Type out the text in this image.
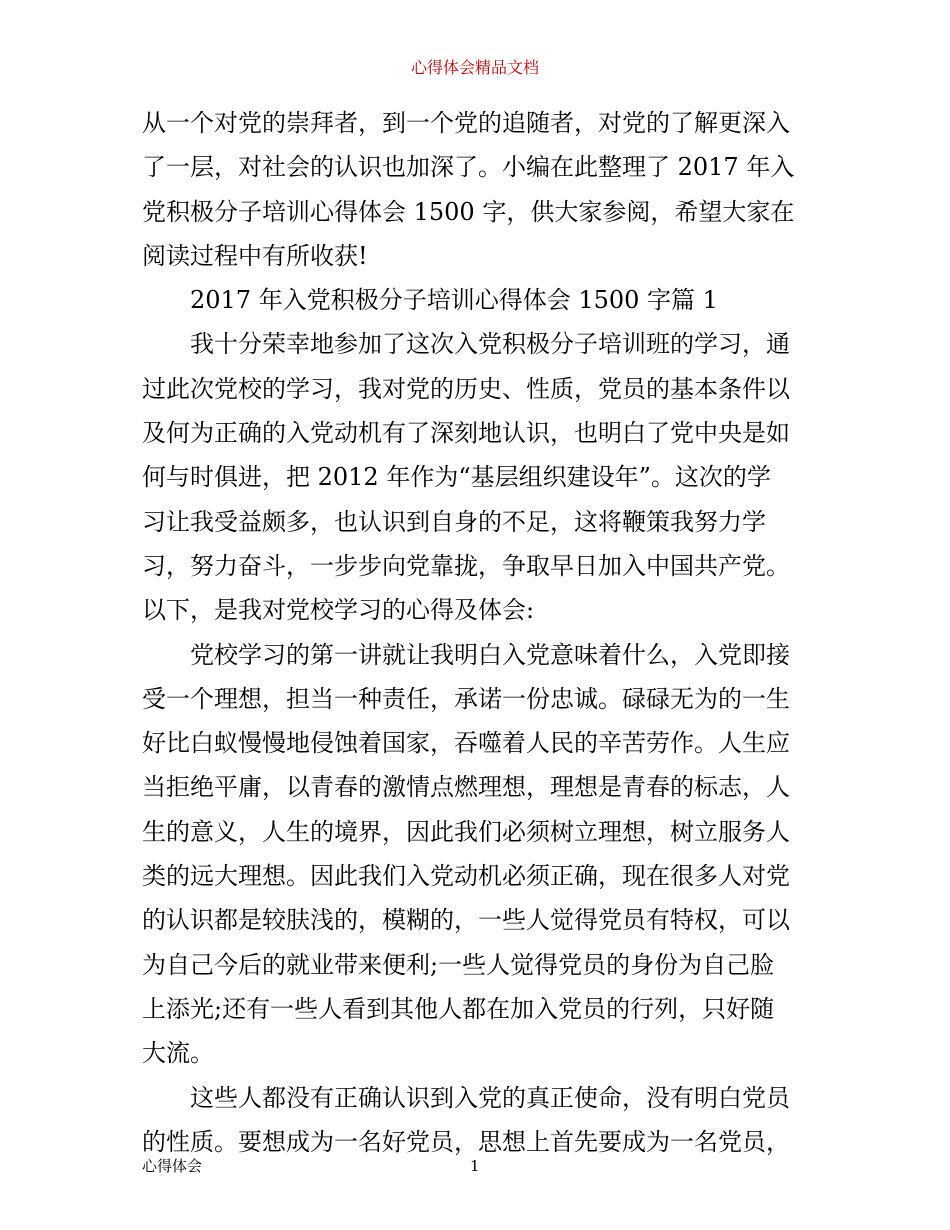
心得体会精品文档
从一个对党的崇拜者，到一个党的追随者，对党的了解更深入
了一层，对社会的认识也加深了。小编在此整理了 2017 年入
党积极分子培训心得体会 1500 字，供大家参阅，希望大家在
阅读过程中有所收获!
2017 年入党积极分子培训心得体会 1500 字篇 1
我十分荣幸地参加了这次入党积极分子培训班的学习，通
过此次党校的学习，我对党的历史、性质，党员的基本条件以
及何为正确的入党动机有了深刻地认识，也明白了党中央是如
何与时俱进，把 2012 年作为“基层组织建设年”。这次的学
习让我受益颇多，也认识到自身的不足，这将鞭策我努力学
习，努力奋斗，一步步向党靠拢，争取早日加入中国共产党。
以下，是我对党校学习的心得及体会:
党校学习的第一讲就让我明白入党意味着什么，入党即接
受一个理想，担当一种责任，承诺一份忠诚。碌碌无为的一生
好比白蚁慢慢地侵蚀着国家，吞噬着人民的辛苦劳作。人生应
当拒绝平庸，以青春的激情点燃理想，理想是青春的标志，人
生的意义，人生的境界，因此我们必须树立理想，树立服务人
类的远大理想。因此我们入党动机必须正确，现在很多人对党
的认识都是较肤浅的，模糊的，一些人觉得党员有特权，可以
为自己今后的就业带来便利;一些人觉得党员的身份为自己脸
上添光;还有一些人看到其他人都在加入党员的行列，只好随
大流。
这些人都没有正确认识到入党的真正使命，没有明白党员
的性质。要想成为一名好党员，思想上首先要成为一名党员，
心得体会	1
